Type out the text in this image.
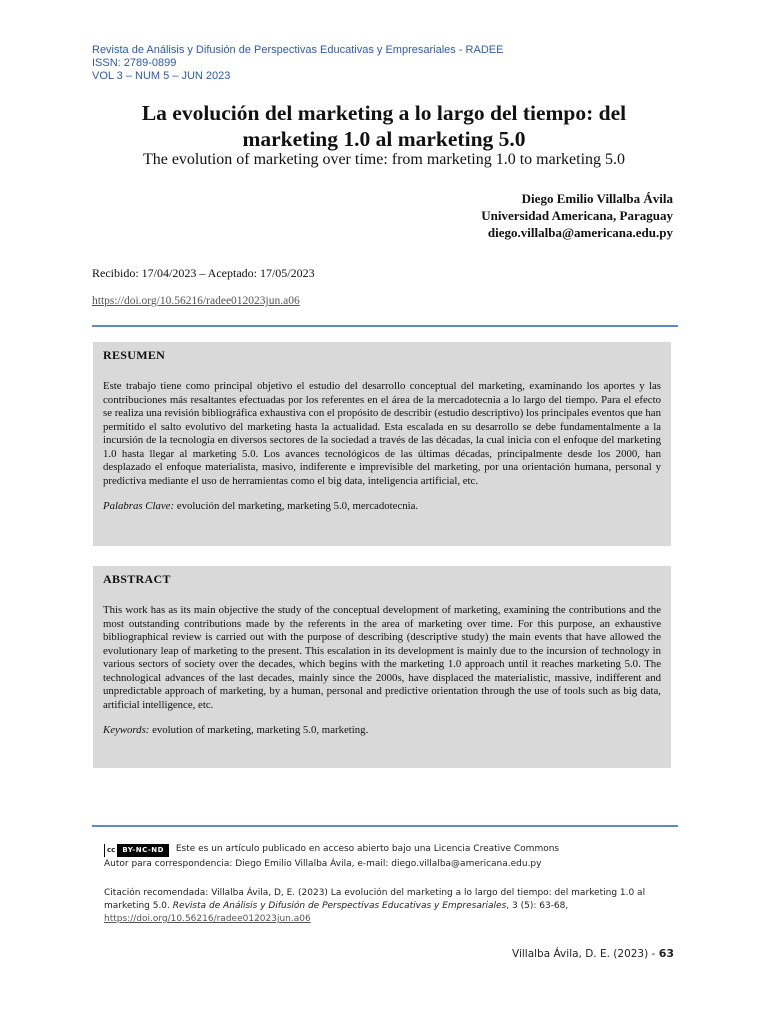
Revista de Análisis y Difusión de Perspectivas Educativas y Empresariales - RADEE
ISSN: 2789-0899
VOL 3 – NUM 5 – JUN 2023
La evolución del marketing a lo largo del tiempo: del
marketing 1.0 al marketing 5.0
The evolution of marketing over time: from marketing 1.0 to marketing 5.0
Diego Emilio Villalba Ávila
Universidad Americana, Paraguay
diego.villalba@americana.edu.py
Recibido: 17/04/2023 – Aceptado: 17/05/2023
https://doi.org/10.56216/radee012023jun.a06
RESUMEN

Este trabajo tiene como principal objetivo el estudio del desarrollo conceptual del marketing, examinando los aportes y las contribuciones más resaltantes efectuadas por los referentes en el área de la mercadotecnia a lo largo del tiempo. Para el efecto se realiza una revisión bibliográfica exhaustiva con el propósito de describir (estudio descriptivo) los principales eventos que han permitido el salto evolutivo del marketing hasta la actualidad. Esta escalada en su desarrollo se debe fundamentalmente a la incursión de la tecnología en diversos sectores de la sociedad a través de las décadas, la cual inicia con el enfoque del marketing 1.0 hasta llegar al marketing 5.0. Los avances tecnológicos de las últimas décadas, principalmente desde los 2000, han desplazado el enfoque materialista, masivo, indiferente e imprevisible del marketing, por una orientación humana, personal y predictiva mediante el uso de herramientas como el big data, inteligencia artificial, etc.

Palabras Clave: evolución del marketing, marketing 5.0, mercadotecnia.

ABSTRACT

This work has as its main objective the study of the conceptual development of marketing, examining the contributions and the most outstanding contributions made by the referents in the area of marketing over time. For this purpose, an exhaustive bibliographical review is carried out with the purpose of describing (descriptive study) the main events that have allowed the evolutionary leap of marketing to the present. This escalation in its development is mainly due to the incursion of technology in various sectors of society over the decades, which begins with the marketing 1.0 approach until it reaches marketing 5.0. The technological advances of the last decades, mainly since the 2000s, have displaced the materialistic, massive, indifferent and unpredictable approach of marketing, by a human, personal and predictive orientation through the use of tools such as big data, artificial intelligence, etc.

Keywords: evolution of marketing, marketing 5.0, marketing.

cc	BY-NC-ND	Este es un artículo publicado en acceso abierto bajo una Licencia Creative Commons
Autor para correspondencia: Diego Emilio Villalba Ávila, e-mail: diego.villalba@americana.edu.py
Citación recomendada: Villalba Ávila, D, E. (2023) La evolución del marketing a lo largo del tiempo: del marketing 1.0 al marketing 5.0. Revista de Análisis y Difusión de Perspectivas Educativas y Empresariales, 3 (5): 63-68,
https://doi.org/10.56216/radee012023jun.a06
Villalba Ávila, D. E. (2023) - 63
